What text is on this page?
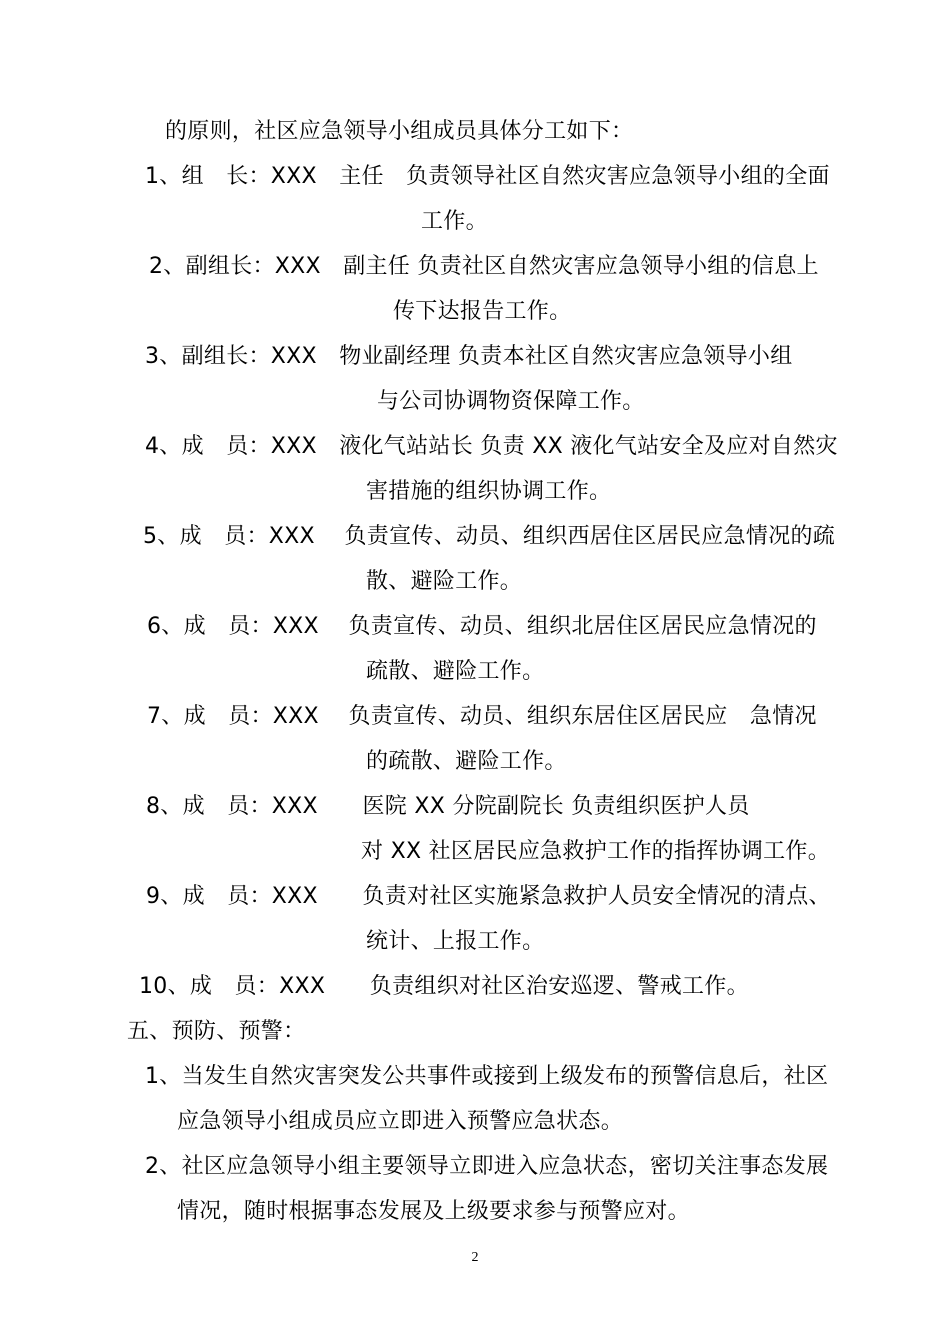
的原则，社区应急领导小组成员具体分工如下：
1、组　长：XXX　主任　负责领导社区自然灾害应急领导小组的全面
工作。
2、副组长：XXX　副主任 负责社区自然灾害应急领导小组的信息上
传下达报告工作。
3、副组长：XXX　物业副经理 负责本社区自然灾害应急领导小组
与公司协调物资保障工作。
4、成　员：XXX　液化气站站长 负责 XX 液化气站安全及应对自然灾
害措施的组织协调工作。
5、成　员：XXX　 负责宣传、动员、组织西居住区居民应急情况的疏
散、避险工作。
6、成　员：XXX　 负责宣传、动员、组织北居住区居民应急情况的
疏散、避险工作。
7、成　员：XXX　 负责宣传、动员、组织东居住区居民应　急情况
的疏散、避险工作。
8、成　员：XXX　　医院 XX 分院副院长 负责组织医护人员
对 XX 社区居民应急救护工作的指挥协调工作。
9、成　员：XXX　　负责对社区实施紧急救护人员安全情况的清点、
统计、上报工作。
10、成　员：XXX　　负责组织对社区治安巡逻、警戒工作。
五、预防、预警：
1、当发生自然灾害突发公共事件或接到上级发布的预警信息后，社区
应急领导小组成员应立即进入预警应急状态。
2、社区应急领导小组主要领导立即进入应急状态，密切关注事态发展
情况，随时根据事态发展及上级要求参与预警应对。
2
